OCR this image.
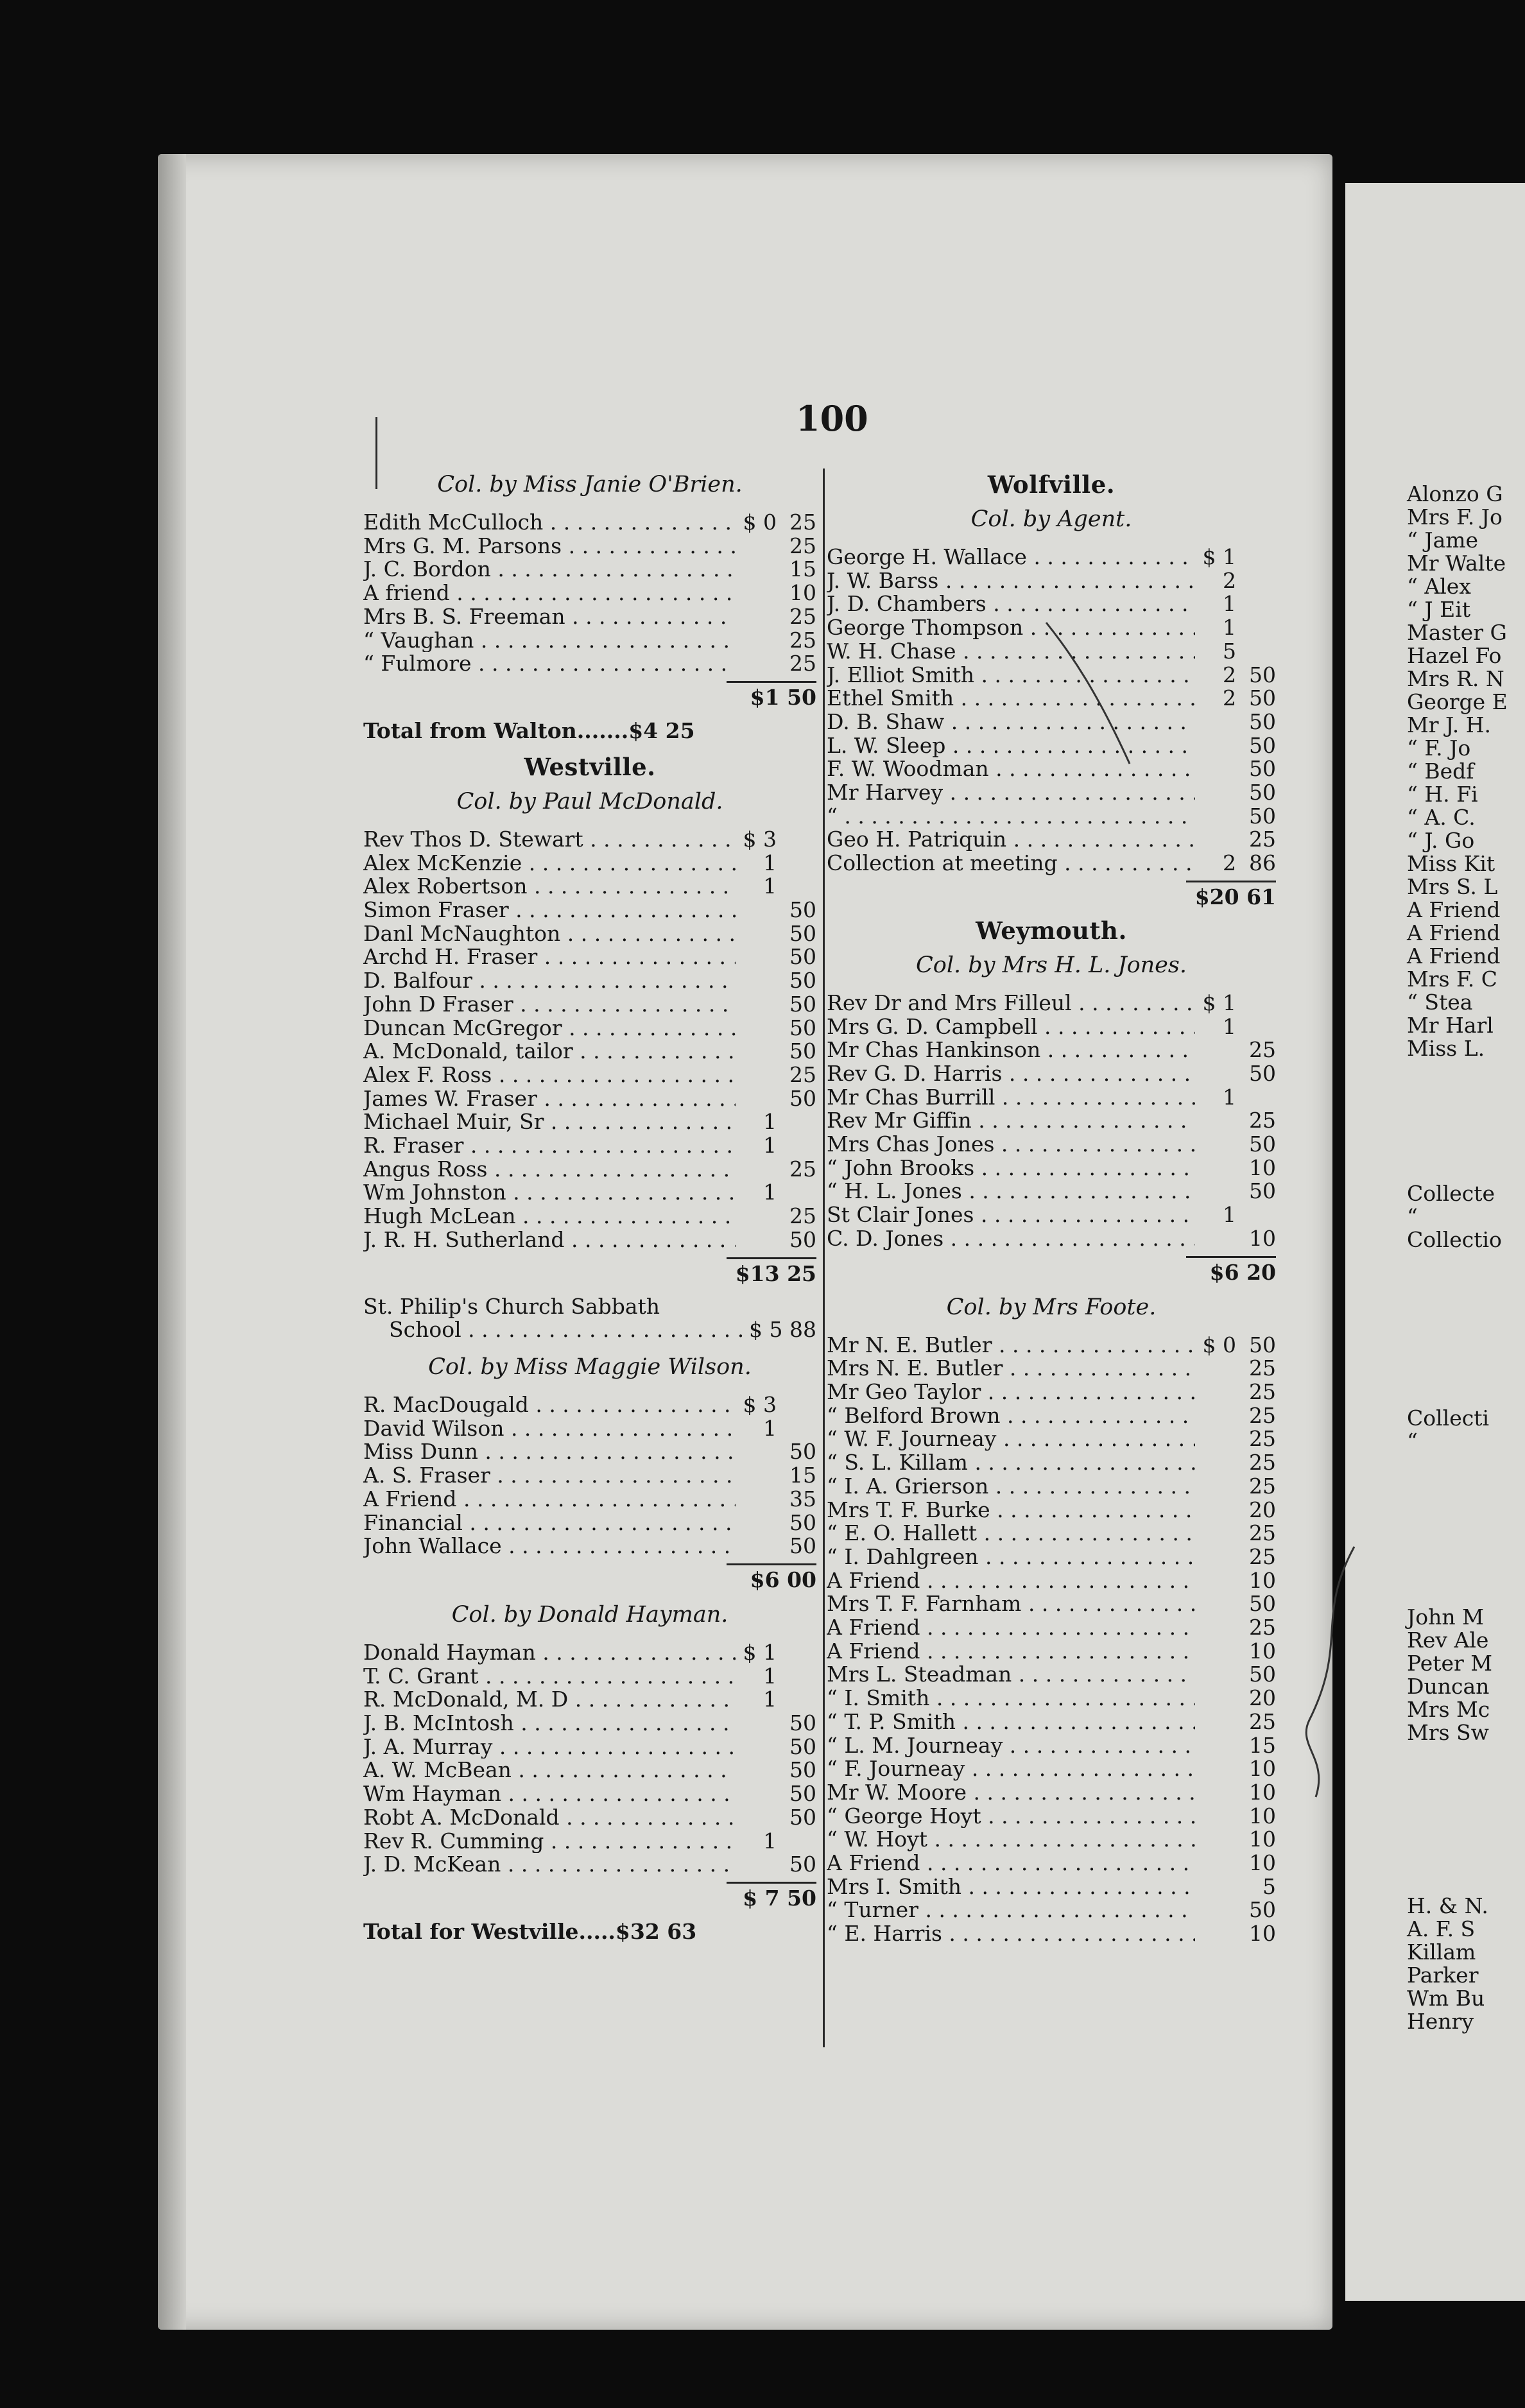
Alonzo G
Mrs F. Jo
“ Jame
Mr Walte
“ Alex
“ J Eit
Master G
Hazel Fo
Mrs R. N
George E
Mr J. H.
“ F. Jo
“ Bedf
“ H. Fi
“ A. C.
“ J. Go
Miss Kit
Mrs S. L
A Friend
A Friend
A Friend
Mrs F. C
“ Stea
Mr Harl
Miss L.
Collecte
“
Collectio
Collecti
“
John M
Rev Ale
Peter M
Duncan
Mrs Mc
Mrs Sw
H. & N.
A. F. S
Killam
Parker
Wm Bu
Henry
100
Col. by Miss Janie O'Brien.
Edith McCulloch . . .	$ 0 25
Mrs G. M. Parsons . . .	25
J. C. Bordon . . .	15
A friend . . .	10
Mrs B. S. Freeman . . .	25
“ Vaughan . . .	25
“ Fulmore . . .	25
$1 50
Total from Walton.......$4 25
Westville.
Col. by Paul McDonald.
Rev Thos D. Stewart . . .	$ 3
Alex McKenzie . . .	1
Alex Robertson . . .	1
Simon Fraser . . .	50
Danl McNaughton . . .	50
Archd H. Fraser . . .	50
D. Balfour . . .	50
John D Fraser . . .	50
Duncan McGregor . . .	50
A. McDonald, tailor . . .	50
Alex F. Ross . . .	25
James W. Fraser . . .	50
Michael Muir, Sr . . .	1
R. Fraser . . .	1
Angus Ross . . .	25
Wm Johnston . . .	1
Hugh McLean . . .	25
J. R. H. Sutherland . . .	50
$13 25
St. Philip's Church Sabbath
School . . .	$ 5 88
Col. by Miss Maggie Wilson.
R. MacDougald . . .	$ 3
David Wilson . . .	1
Miss Dunn . . .	50
A. S. Fraser . . .	15
A Friend . . .	35
Financial . . .	50
John Wallace . . .	50
$6 00
Col. by Donald Hayman.
Donald Hayman . . .	$ 1
T. C. Grant . . .	1
R. McDonald, M. D . . .	1
J. B. McIntosh . . .	50
J. A. Murray . . .	50
A. W. McBean . . .	50
Wm Hayman . . .	50
Robt A. McDonald . . .	50
Rev R. Cumming . . .	1
J. D. McKean . . .	50
$ 7 50
Total for Westville.....$32 63
Wolfville.
Col. by Agent.
George H. Wallace . . .	$ 1
J. W. Barss . . .	2
J. D. Chambers . . .	1
George Thompson . . .	1
W. H. Chase . . .	5
J. Elliot Smith . . .	2 50
Ethel Smith . . .	2 50
D. B. Shaw . . .	50
L. W. Sleep . . .	50
F. W. Woodman . . .	50
Mr Harvey . . .	50
“ . . .	50
Geo H. Patriquin . . .	25
Collection at meeting . . .	2 86
$20 61
Weymouth.
Col. by Mrs H. L. Jones.
Rev Dr and Mrs Filleul . . .	$ 1
Mrs G. D. Campbell . . .	1
Mr Chas Hankinson . . .	25
Rev G. D. Harris . . .	50
Mr Chas Burrill . . .	1
Rev Mr Giffin . . .	25
Mrs Chas Jones . . .	50
“ John Brooks . . .	10
“ H. L. Jones . . .	50
St Clair Jones . . .	1
C. D. Jones . . .	10
$6 20
Col. by Mrs Foote.
Mr N. E. Butler . . .	$ 0 50
Mrs N. E. Butler . . .	25
Mr Geo Taylor . . .	25
“ Belford Brown . . .	25
“ W. F. Journeay . . .	25
“ S. L. Killam . . .	25
“ I. A. Grierson . . .	25
Mrs T. F. Burke . . .	20
“ E. O. Hallett . . .	25
“ I. Dahlgreen . . .	25
A Friend . . .	10
Mrs T. F. Farnham . . .	50
A Friend . . .	25
A Friend . . .	10
Mrs L. Steadman . . .	50
“ I. Smith . . .	20
“ T. P. Smith . . .	25
“ L. M. Journeay . . .	15
“ F. Journeay . . .	10
Mr W. Moore . . .	10
“ George Hoyt . . .	10
“ W. Hoyt . . .	10
A Friend . . .	10
Mrs I. Smith . . .	5
“ Turner . . .	50
“ E. Harris . . .	10
